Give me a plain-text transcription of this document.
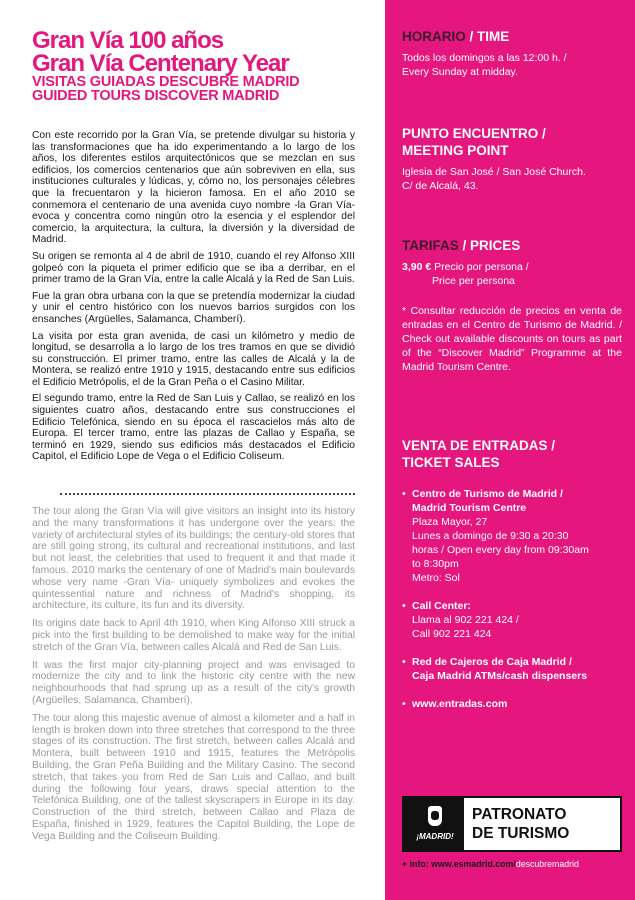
Gran Vía 100 años
Gran Vía Centenary Year
VISITAS GUIADAS DESCUBRE MADRID
GUIDED TOURS DISCOVER MADRID

Con este recorrido por la Gran Vía, se pretende divulgar su historia y las transformaciones que ha ido experimentando a lo largo de los años, los diferentes estilos arquitectónicos que se mezclan en sus edificios, los comercios centenarios que aún sobreviven en ella, sus instituciones culturales y lúdicas, y, cómo no, los personajes célebres que la frecuentaron y la hicieron famosa. En el año 2010 se conmemora el centenario de una avenida cuyo nombre -la Gran Vía- evoca y concentra como ningún otro la esencia y el esplendor del comercio, la arquitectura, la cultura, la diversión y la diversidad de Madrid.

Su origen se remonta al 4 de abril de 1910, cuando el rey Alfonso XIII golpeó con la piqueta el primer edificio que se iba a derribar, en el primer tramo de la Gran Vía, entre la calle Alcalá y la Red de San Luis.

Fue la gran obra urbana con la que se pretendía modernizar la ciudad y unir el centro histórico con los nuevos barrios surgidos con los ensanches (Argüelles, Salamanca, Chamberí).

La visita por esta gran avenida, de casi un kilómetro y medio de longitud, se desarrolla a lo largo de los tres tramos en que se dividió su construcción. El primer tramo, entre las calles de Alcalá y la de Montera, se realizó entre 1910 y 1915, destacando entre sus edificios el Edificio Metrópolis, el de la Gran Peña o el Casino Militar.

El segundo tramo, entre la Red de San Luis y Callao, se realizó en los siguientes cuatro años, destacando entre sus construcciones el Edificio Telefónica, siendo en su época el rascacielos más alto de Europa. El tercer tramo, entre las plazas de Callao y España, se terminó en 1929, siendo sus edificios más destacados el Edificio Capitol, el Edificio Lope de Vega o el Edificio Coliseum.

The tour along the Gran Vía will give visitors an insight into its history and the many transformations it has undergone over the years: the variety of architectural styles of its buildings; the century-old stores that are still going strong, its cultural and recreational institutions, and last but not least, the celebrities that used to frequent it and that made it famous. 2010 marks the centenary of one of Madrid's main boulevards whose very name -Gran Vía- uniquely symbolizes and evokes the quintessential nature and richness of Madrid's shopping, its architecture, its culture, its fun and its diversity.

Its origins date back to April 4th 1910, when King Alfonso XIII struck a pick into the first building to be demolished to make way for the initial stretch of the Gran Vía, between calles Alcalá and Red de San Luis.

It was the first major city-planning project and was envisaged to modernize the city and to link the historic city centre with the new neighbourhoods that had sprung up as a result of the city's growth (Argüelles, Salamanca, Chamberí).

The tour along this majestic avenue of almost a kilometer and a half in length is broken down into three stretches that correspond to the three stages of its construction. The first stretch, between calles Alcalá and Montera, built between 1910 and 1915, features the Metrópolis Building, the Gran Peña Building and the Military Casino. The second stretch, that takes you from Red de San Luis and Callao, and built during the following four years, draws special attention to the Telefónica Building, one of the tallest skyscrapers in Europe in its day. Construction of the third stretch, between Callao and Plaza de España, finished in 1929, features the Capitol Building, the Lope de Vega Building and the Coliseum Building.

HORARIO / TIME
Todos los domingos a las 12:00 h. /
Every Sunday at midday.
PUNTO ENCUENTRO /
MEETING POINT
Iglesia de San José / San José Church.
C/ de Alcalá, 43.
TARIFAS / PRICES
3,90 € Precio por persona /
Price per persona
* Consultar reducción de precios en venta de entradas en el Centro de Turismo de Madrid. / Check out available discounts on tours as part of the “Discover Madrid” Programme at the Madrid Tourism Centre.
VENTA DE ENTRADAS /
TICKET SALES
• Centro de Turismo de Madrid /
Madrid Tourism Centre
Plaza Mayor, 27
Lunes a domingo de 9:30 a 20:30
horas / Open every day from 09:30am
to 8:30pm
Metro: Sol
• Call Center:
Llama al 902 221 424 /
Call 902 221 424
• Red de Cajeros de Caja Madrid /
Caja Madrid ATMs/cash dispensers
• www.entradas.com
¡MADRID!
PATRONATO
DE TURISMO
+ info: www.esmadrid.com/descubremadrid
